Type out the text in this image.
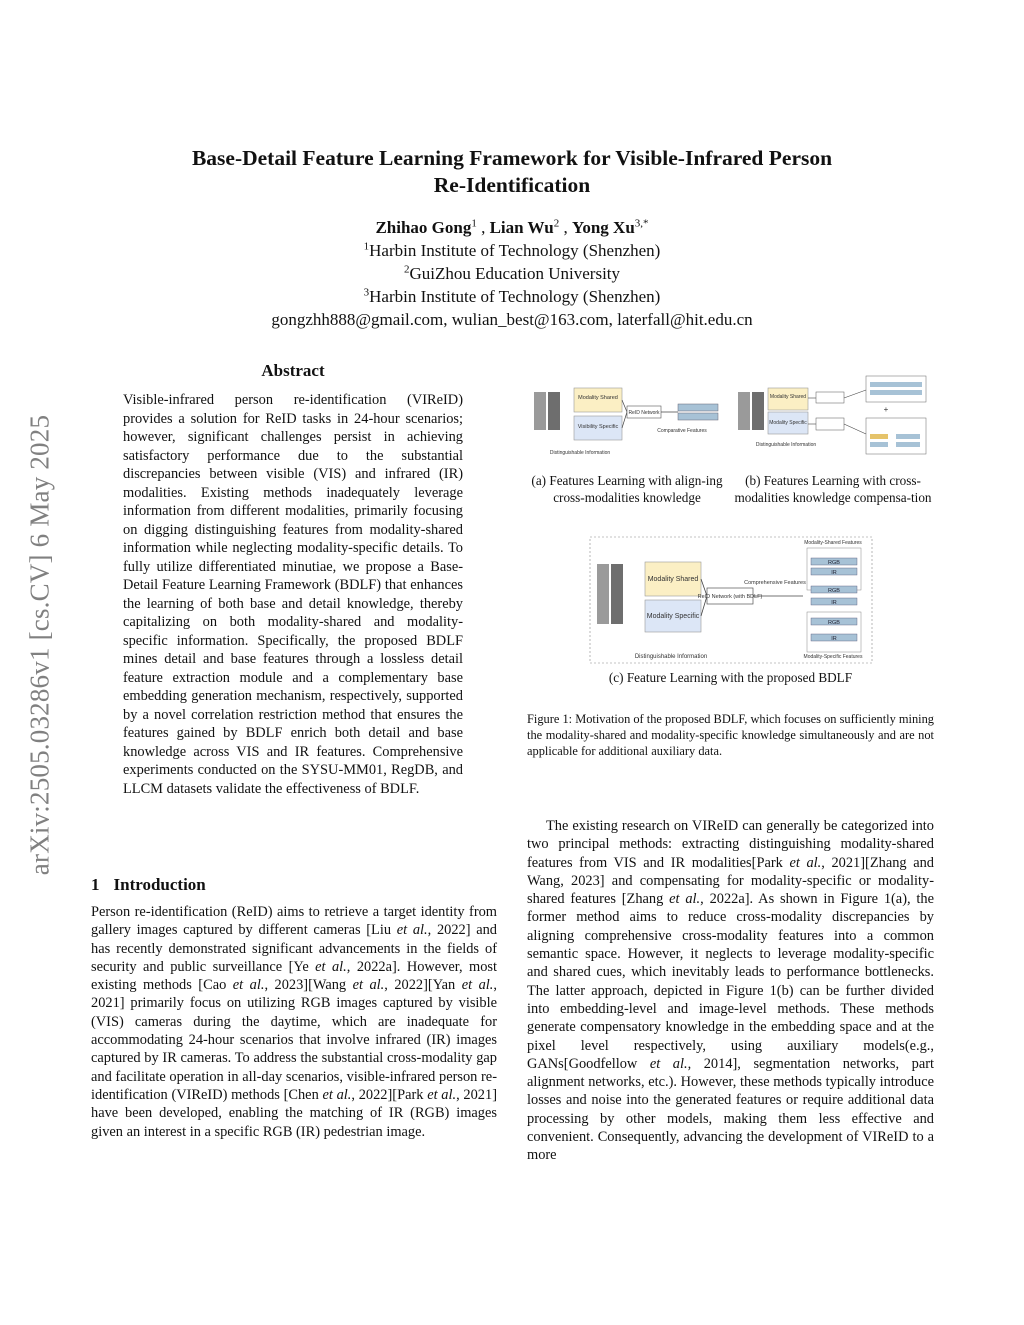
arXiv:2505.03286v1 [cs.CV] 6 May 2025
Base-Detail Feature Learning Framework for Visible-Infrared Person
Re-Identification
Zhihao Gong$^1$ , Lian Wu$^2$ , Yong $Xu^{3,*}$
$^1$Harbin Institute of Technology (Shenzhen)
$^2$GuiZhou Education University
$^3$Harbin Institute of Technology (Shenzhen)
gongzhh888@gmail.com, wulian_best@163.com, laterfall@hit.edu.cn
Abstract
Visible-infrared person re-identification (VIReID) provides a solution for ReID tasks in 24-hour scenarios; however, significant challenges persist in achieving satisfactory performance due to the substantial discrepancies between visible (VIS) and infrared (IR) modalities. Existing methods inadequately leverage information from different modalities, primarily focusing on digging distinguishing features from modality-shared information while neglecting modality-specific details. To fully utilize differentiated minutiae, we propose a Base-Detail Feature Learning Framework (BDLF) that enhances the learning of both base and detail knowledge, thereby capitalizing on both modality-shared and modality-specific information. Specifically, the proposed BDLF mines detail and base features through a lossless detail feature extraction module and a complementary base embedding generation mechanism, respectively, supported by a novel correlation restriction method that ensures the features gained by BDLF enrich both detail and base knowledge across VIS and IR features. Comprehensive experiments conducted on the SYSU-MM01, RegDB, and LLCM datasets validate the effectiveness of BDLF.
1 Introduction
Person re-identification (ReID) aims to retrieve a target identity from gallery images captured by different cameras [Liu et al., 2022] and has recently demonstrated significant advancements in the fields of security and public surveillance [Ye et al., 2022a]. However, most existing methods [Cao et al., 2023][Wang et al., 2022][Yan et al., 2021] primarily focus on utilizing RGB images captured by visible (VIS) cameras during the daytime, which are inadequate for accommodating 24-hour scenarios that involve infrared (IR) images captured by IR cameras. To address the substantial cross-modality gap and facilitate operation in all-day scenarios, visible-infrared person re-identification (VIReID) methods [Chen et al., 2022][Park et al., 2021] have been developed, enabling the matching of IR (RGB) images given an interest in a specific RGB (IR) pedestrian image.
The existing research on VIReID can generally be categorized into two principal methods: extracting distinguishing modality-shared features from VIS and IR modalities[Park et al., 2021][Zhang and Wang, 2023] and compensating for modality-specific or modality-shared features [Zhang et al., 2022a]. As shown in Figure 1(a), the former method aims to reduce cross-modality discrepancies by aligning comprehensive cross-modality features into a common semantic space. However, it neglects to leverage modality-specific and shared cues, which inevitably leads to performance bottlenecks. The latter approach, depicted in Figure 1(b) can be further divided into embedding-level and image-level methods. These methods generate compensatory knowledge in the embedding space and at the pixel level respectively, using auxiliary models(e.g., GANs[Goodfellow et al., 2014], segmentation networks, part alignment networks, etc.). However, these methods typically introduce losses and noise into the generated features or require additional data processing by other models, making them less effective and convenient. Consequently, advancing the development of VIReID to a more
Modality Shared
Visibility Specific
ReID Network
Comparative Features
Distinguishable Information
Modality Shared
Modality Specific
+
Distinguishable Information
(a) Features Learning with align-ing cross-modalities knowledge
(b) Features Learning with cross-modalities knowledge compensa-tion
Modality Shared
Modality Specific
ReID Network (with BDLF)
Comprehensive Features
Modality-Shared Features
RGB
IR
RGB
IR
RGB
IR
Distinguishable Information	Modality-Specific Features
(c) Feature Learning with the proposed BDLF
Figure 1: Motivation of the proposed BDLF, which focuses on sufficiently mining the modality-shared and modality-specific knowledge simultaneously and are not applicable for additional auxiliary data.
